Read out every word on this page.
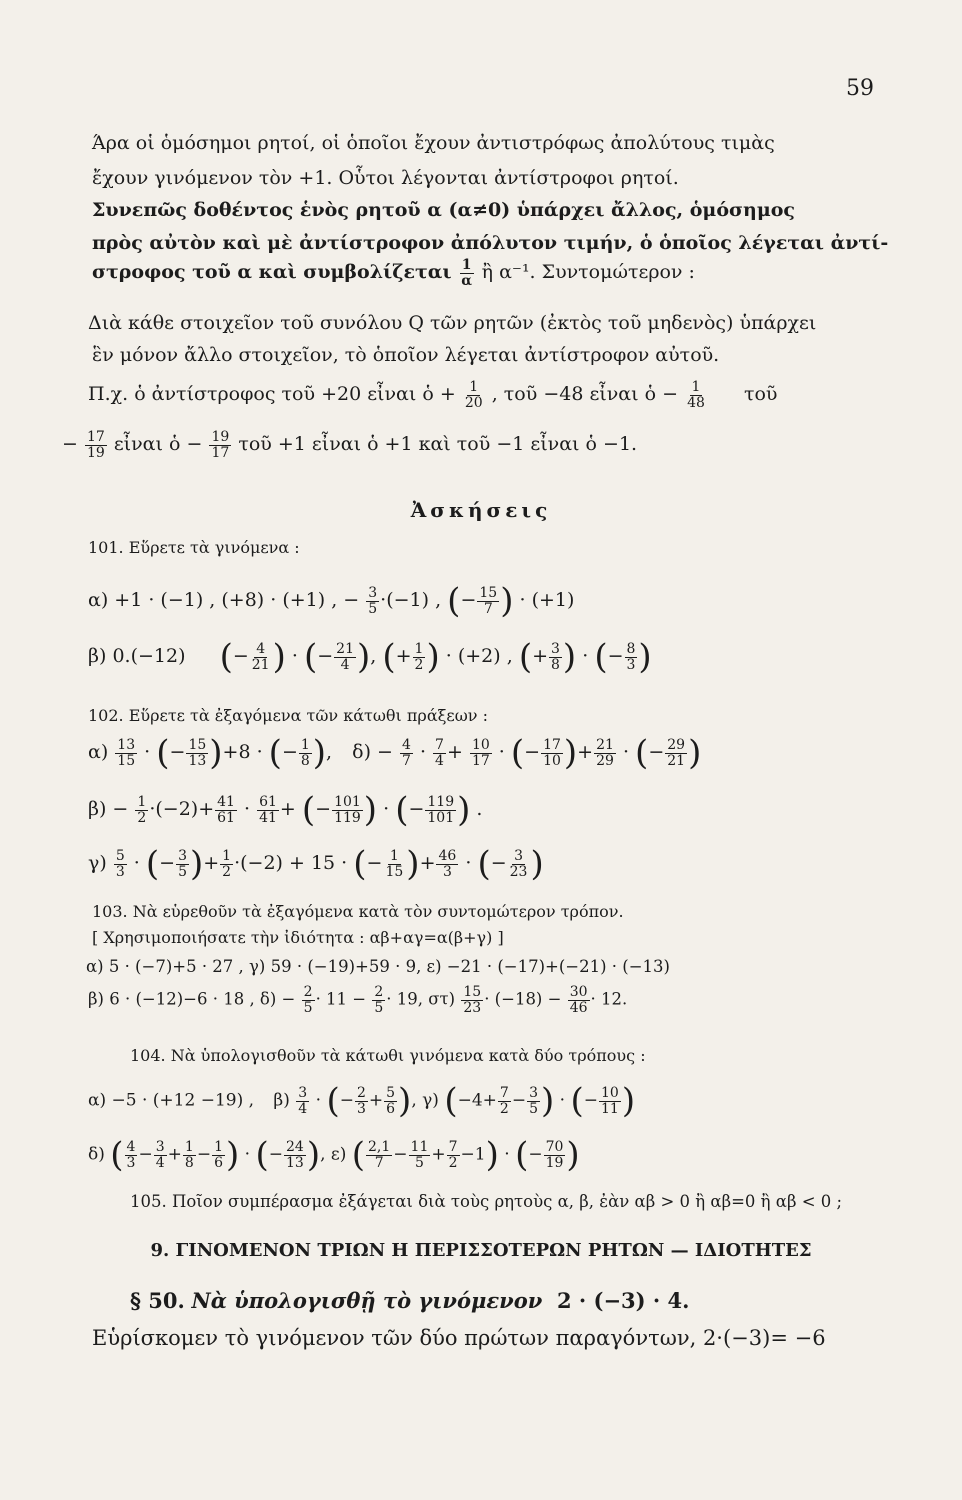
59
Άρα οἱ ὁμόσημοι ρητοί, οἱ ὁποῖοι ἔχουν ἀντιστρόφως ἀπολύτους τιμὰς
ἔχουν γινόμενον τὸν +1. Οὗτοι λέγονται ἀντίστροφοι ρητοί.
Συνεπῶς δοθέντος ἑνὸς ρητοῦ α (α≠0) ὑπάρχει ἄλλος, ὁμόσημος
πρὸς αὐτὸν καὶ μὲ ἀντίστροφον ἀπόλυτον τιμήν, ὁ ὁποῖος λέγεται ἀντί-
στροφος τοῦ α καὶ συμβολίζεται $\frac{1}{\alpha}$ ἢ α⁻¹. Συντομώτερον :
Διὰ κάθε στοιχεῖον τοῦ συνόλου Q τῶν ρητῶν (ἐκτὸς τοῦ μηδενὸς) ὑπάρχει
ἓν μόνον ἄλλο στοιχεῖον, τὸ ὁποῖον λέγεται ἀντίστροφον αὐτοῦ.
Π.χ. ὁ ἀντίστροφος τοῦ +20 εἶναι ὁ + $\frac{1}{20}$ , τοῦ −48 εἶναι ὁ − $\frac{1}{48}$ τοῦ
− $\frac{17}{19}$ εἶναι ὁ − $\frac{19}{17}$ τοῦ +1 εἶναι ὁ +1 καὶ τοῦ −1 εἶναι ὁ −1.
Ἀσκήσεις
101. Εὕρετε τὰ γινόμενα :
α) +1 · (−1) , (+8) · (+1) , − $\frac{3}{5} \cdot(-1)$ , (− $\frac{15}{7}$ ) · (+1)
β) 0.(−12) (− $\frac{4}{21}$ ) · (− $\frac{21}{4}$ ), (+ $\frac{1}{2}$ ) · (+2) , (+ $\frac{3}{8}$ ) · (− $\frac{8}{3}$ )
102. Εὕρετε τὰ ἐξαγόμενα τῶν κάτωθι πράξεων :
$\alpha) \frac{13}{15}$ · (− $\frac{15}{13} )+8$ · (− $\frac{1}{8}$ ), $\delta) - \frac{4}{7} \cdot \frac{7}{4} + \frac{10}{17}$ · (− $\frac{17}{10}$ )+ $\frac{21}{29}$ · (− $\frac{29}{21}$ )
$\beta) - \frac{1}{2} \cdot(-2)+ \frac{41}{61} \cdot \frac{61}{41}$ + (− $\frac{101}{119}$ ) · (− $\frac{119}{101}$ ) .
$\gamma) \frac{5}{3}$ · (− $\frac{3}{5}$ )+ $\frac{1}{2} \cdot(-2) + 15$ · (− $\frac{1}{15}$ )+ $\frac{46}{3}$ · (− $\frac{3}{23}$ )
103. Νὰ εὑρεθοῦν τὰ ἐξαγόμενα κατὰ τὸν συντομώτερον τρόπον.
[ Χρησιμοποιήσατε τὴν ἰδιότητα : αβ+αγ=α(β+γ) ]
α) 5 · (−7)+5 · 27 , γ) 59 · (−19)+59 · 9, ε) −21 · (−17)+(−21) · (−13)
β) 6 · (−12)−6 · 18 , $\delta) - \frac{2}{5} \cdot 11 - \frac{2}{5} \cdot 19$, $\sigma\tau) \frac{15}{23} \cdot (-18) - \frac{30}{46} \cdot 12$.
104. Νὰ ὑπολογισθοῦν τὰ κάτωθι γινόμενα κατὰ δύο τρόπους :
α) −5 · (+12 −19) , $\beta) \frac{3}{4}$ · (− $\frac{2}{3} + \frac{5}{6}$ ), γ) ($-4+ \frac{7}{2} - \frac{3}{5}$ ) · (− $\frac{10}{11}$ )
δ) ( $\frac{4}{3} - \frac{3}{4} + \frac{1}{8} - \frac{1}{6}$ ) · (− $\frac{24}{13}$ ), ε) ( $\frac{2,1}{7} - \frac{11}{5} + \frac{7}{2} -1$) · (− $\frac{70}{19}$ )
105. Ποῖον συμπέρασμα ἐξάγεται διὰ τοὺς ρητοὺς α, β, ἐὰν αβ > 0 ἢ αβ=0 ἢ αβ < 0 ;
9. ΓΙΝΟΜΕΝΟΝ ΤΡΙΩΝ Η ΠΕΡΙΣΣΟΤΕΡΩΝ ΡΗΤΩΝ — ΙΔΙΟΤΗΤΕΣ
§ 50. Νὰ ὑπολογισθῇ τὸ γινόμενον 2 · (−3) · 4.
Εὑρίσκομεν τὸ γινόμενον τῶν δύο πρώτων παραγόντων, 2·(−3)= −6
